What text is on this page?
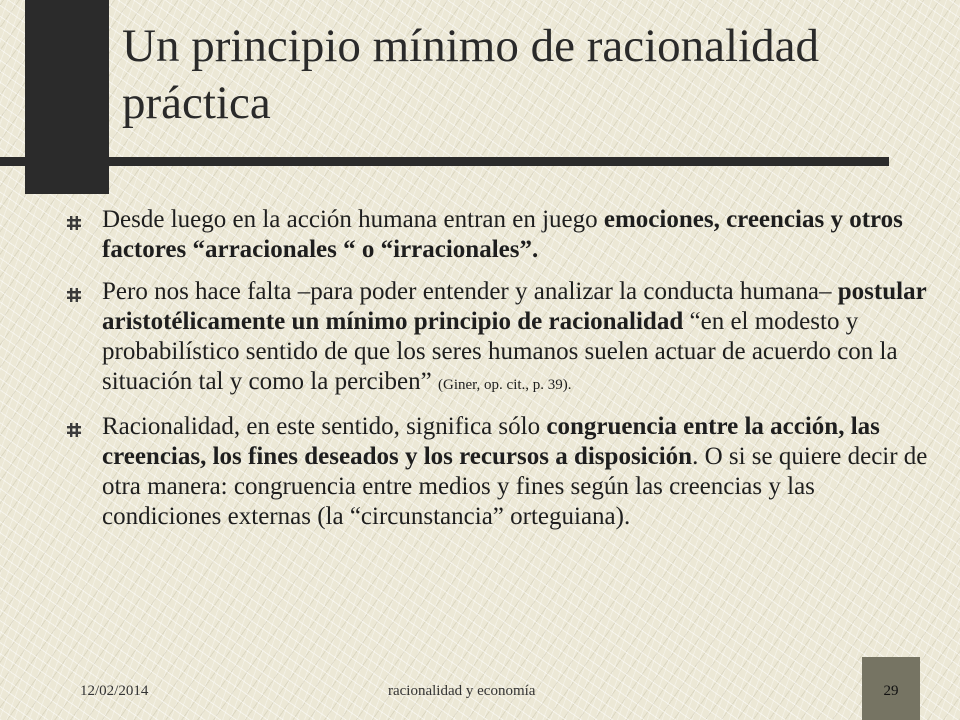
Un principio mínimo de racionalidad práctica
Desde luego en la acción humana entran en juego emociones, creencias y otros factores “arracionales “ o “irracionales”.
Pero nos hace falta –para poder entender y analizar la conducta humana– postular aristotélicamente un mínimo principio de racionalidad “en el modesto y probabilístico sentido de que los seres humanos suelen actuar de acuerdo con la situación tal y como la perciben” (Giner, op. cit., p. 39).
Racionalidad, en este sentido, significa sólo congruencia entre la acción, las creencias, los fines deseados y los recursos a disposición. O si se quiere decir de otra manera: congruencia entre medios y fines según las creencias y las condiciones externas (la “circunstancia” orteguiana).
12/02/2014	racionalidad y economía	29
